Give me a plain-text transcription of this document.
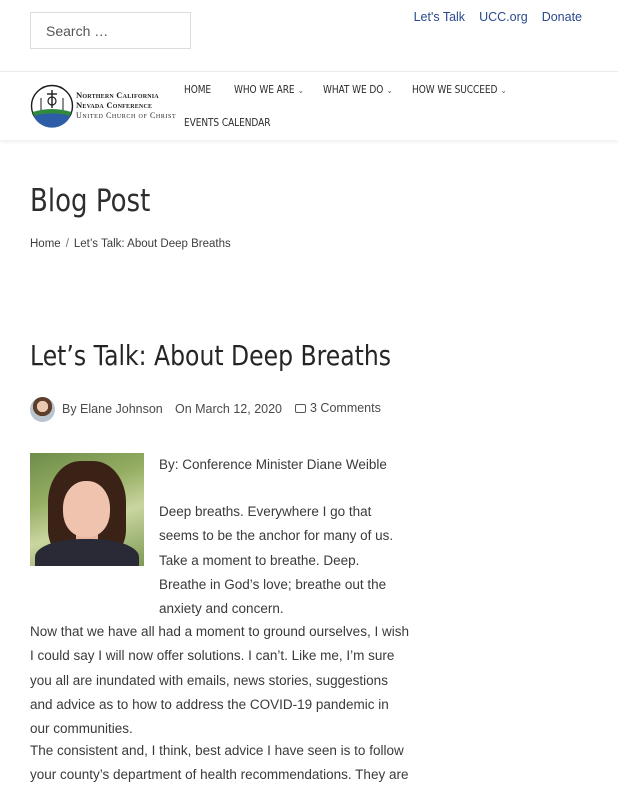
Search …
Let's Talk UCC.org Donate
Northern California
Nevada Conference
United Church of Christ
HOME WHO WE ARE ⌄ WHAT WE DO ⌄ HOW WE SUCCEED ⌄
EVENTS CALENDAR
Blog Post
Home / Let’s Talk: About Deep Breaths
Let’s Talk: About Deep Breaths
By Elane Johnson On March 12, 2020	3 Comments

By: Conference Minister Diane Weible

Deep breaths. Everywhere I go that seems to be the anchor for many of us. Take a moment to breathe. Deep. Breathe in God’s love; breathe out the anxiety and concern.

Now that we have all had a moment to ground ourselves, I wish I could say I will now offer solutions. I can’t. Like me, I’m sure you all are inundated with emails, news stories, suggestions and advice as to how to address the COVID-19 pandemic in our communities.

The consistent and, I think, best advice I have seen is to follow your county’s department of health recommendations. They are
